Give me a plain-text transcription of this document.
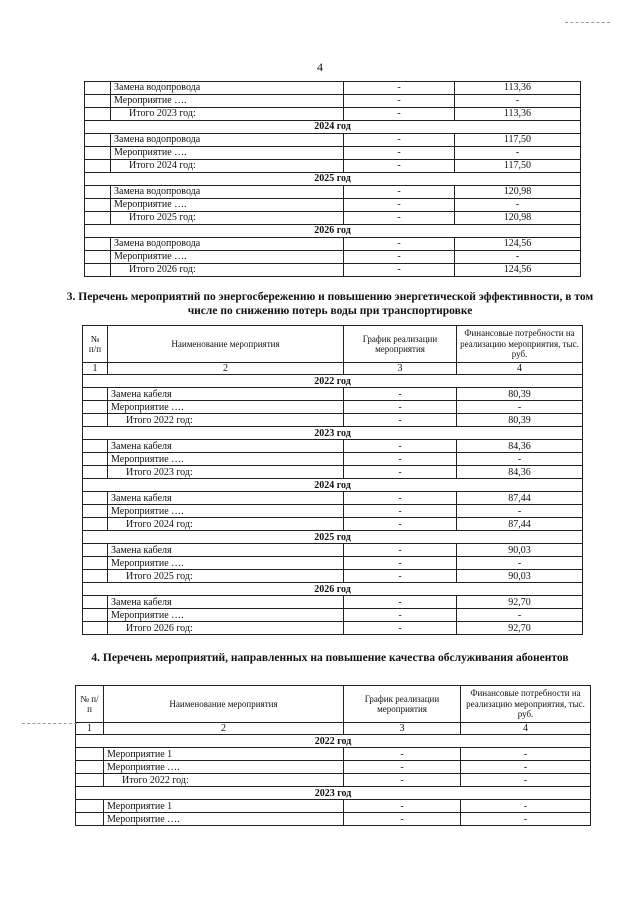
4
	Замена водопровода	-	113,36
	Мероприятие ….	-	-
	Итого 2023 год:	-	113,36
2024 год			
	Замена водопровода	-	117,50
	Мероприятие ….	-	-
	Итого 2024 год:	-	117,50
2025 год			
	Замена водопровода	-	120,98
	Мероприятие ….	-	-
	Итого 2025 год:	-	120,98
2026 год			
	Замена водопровода	-	124,56
	Мероприятие ….	-	-
	Итого 2026 год:	-	124,56
3. Перечень мероприятий по энергосбережению и повышению энергетической эффективности, в том числе по снижению потерь воды при транспортировке
№ п/п	Наименование мероприятия	График реализации мероприятия	Финансовые потребности на реализацию мероприятия, тыс. руб.
1	2	3	4
2022 год			
	Замена кабеля	-	80,39
	Мероприятие ….	-	-
	Итого 2022 год:	-	80,39
2023 год			
	Замена кабеля	-	84,36
	Мероприятие ….	-	-
	Итого 2023 год:	-	84,36
2024 год			
	Замена кабеля	-	87,44
	Мероприятие ….	-	-
	Итого 2024 год:	-	87,44
2025 год			
	Замена кабеля	-	90,03
	Мероприятие ….	-	-
	Итого 2025 год:	-	90,03
2026 год			
	Замена кабеля	-	92,70
	Мероприятие ….	-	-
	Итого 2026 год:	-	92,70
4. Перечень мероприятий, направленных на повышение качества обслуживания абонентов
№ п/п	Наименование мероприятия	График реализации мероприятия	Финансовые потребности на реализацию мероприятия, тыс. руб.
1	2	3	4
2022 год			
	Мероприятие 1	-	-
	Мероприятие ….	-	-
	Итого 2022 год:	-	-
2023 год			
	Мероприятие 1	-	-
	Мероприятие ….	-	-
